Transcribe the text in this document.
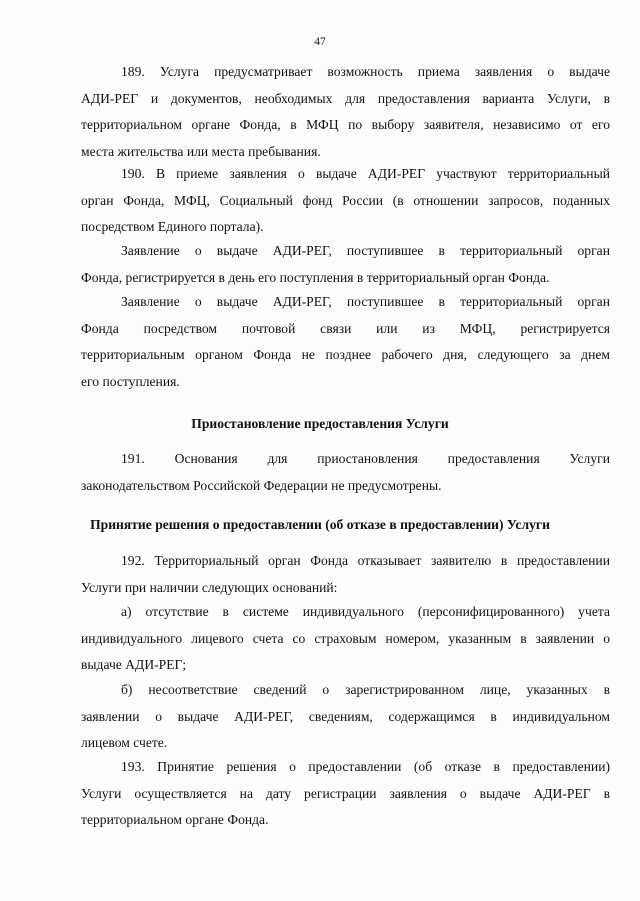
47

189. Услуга предусматривает возможность приема заявления о выдаче

АДИ-РЕГ и документов, необходимых для предоставления варианта Услуги, в

территориальном органе Фонда, в МФЦ по выбору заявителя, независимо от его

места жительства или места пребывания.

190. В приеме заявления о выдаче АДИ-РЕГ участвуют территориальный

орган Фонда, МФЦ, Социальный фонд России (в отношении запросов, поданных

посредством Единого портала).

Заявление о выдаче АДИ-РЕГ, поступившее в территориальный орган

Фонда, регистрируется в день его поступления в территориальный орган Фонда.

Заявление о выдаче АДИ-РЕГ, поступившее в территориальный орган

Фонда посредством почтовой связи или из МФЦ, регистрируется

территориальным органом Фонда не позднее рабочего дня, следующего за днем

его поступления.

Приостановление предоставления Услуги

191. Основания для приостановления предоставления Услуги

законодательством Российской Федерации не предусмотрены.

Принятие решения о предоставлении (об отказе в предоставлении) Услуги

192. Территориальный орган Фонда отказывает заявителю в предоставлении

Услуги при наличии следующих оснований:

а) отсутствие в системе индивидуального (персонифицированного) учета

индивидуального лицевого счета со страховым номером, указанным в заявлении о

выдаче АДИ-РЕГ;

б) несоответствие сведений о зарегистрированном лице, указанных в

заявлении о выдаче АДИ-РЕГ, сведениям, содержащимся в индивидуальном

лицевом счете.

193. Принятие решения о предоставлении (об отказе в предоставлении)

Услуги осуществляется на дату регистрации заявления о выдаче АДИ-РЕГ в

территориальном органе Фонда.
